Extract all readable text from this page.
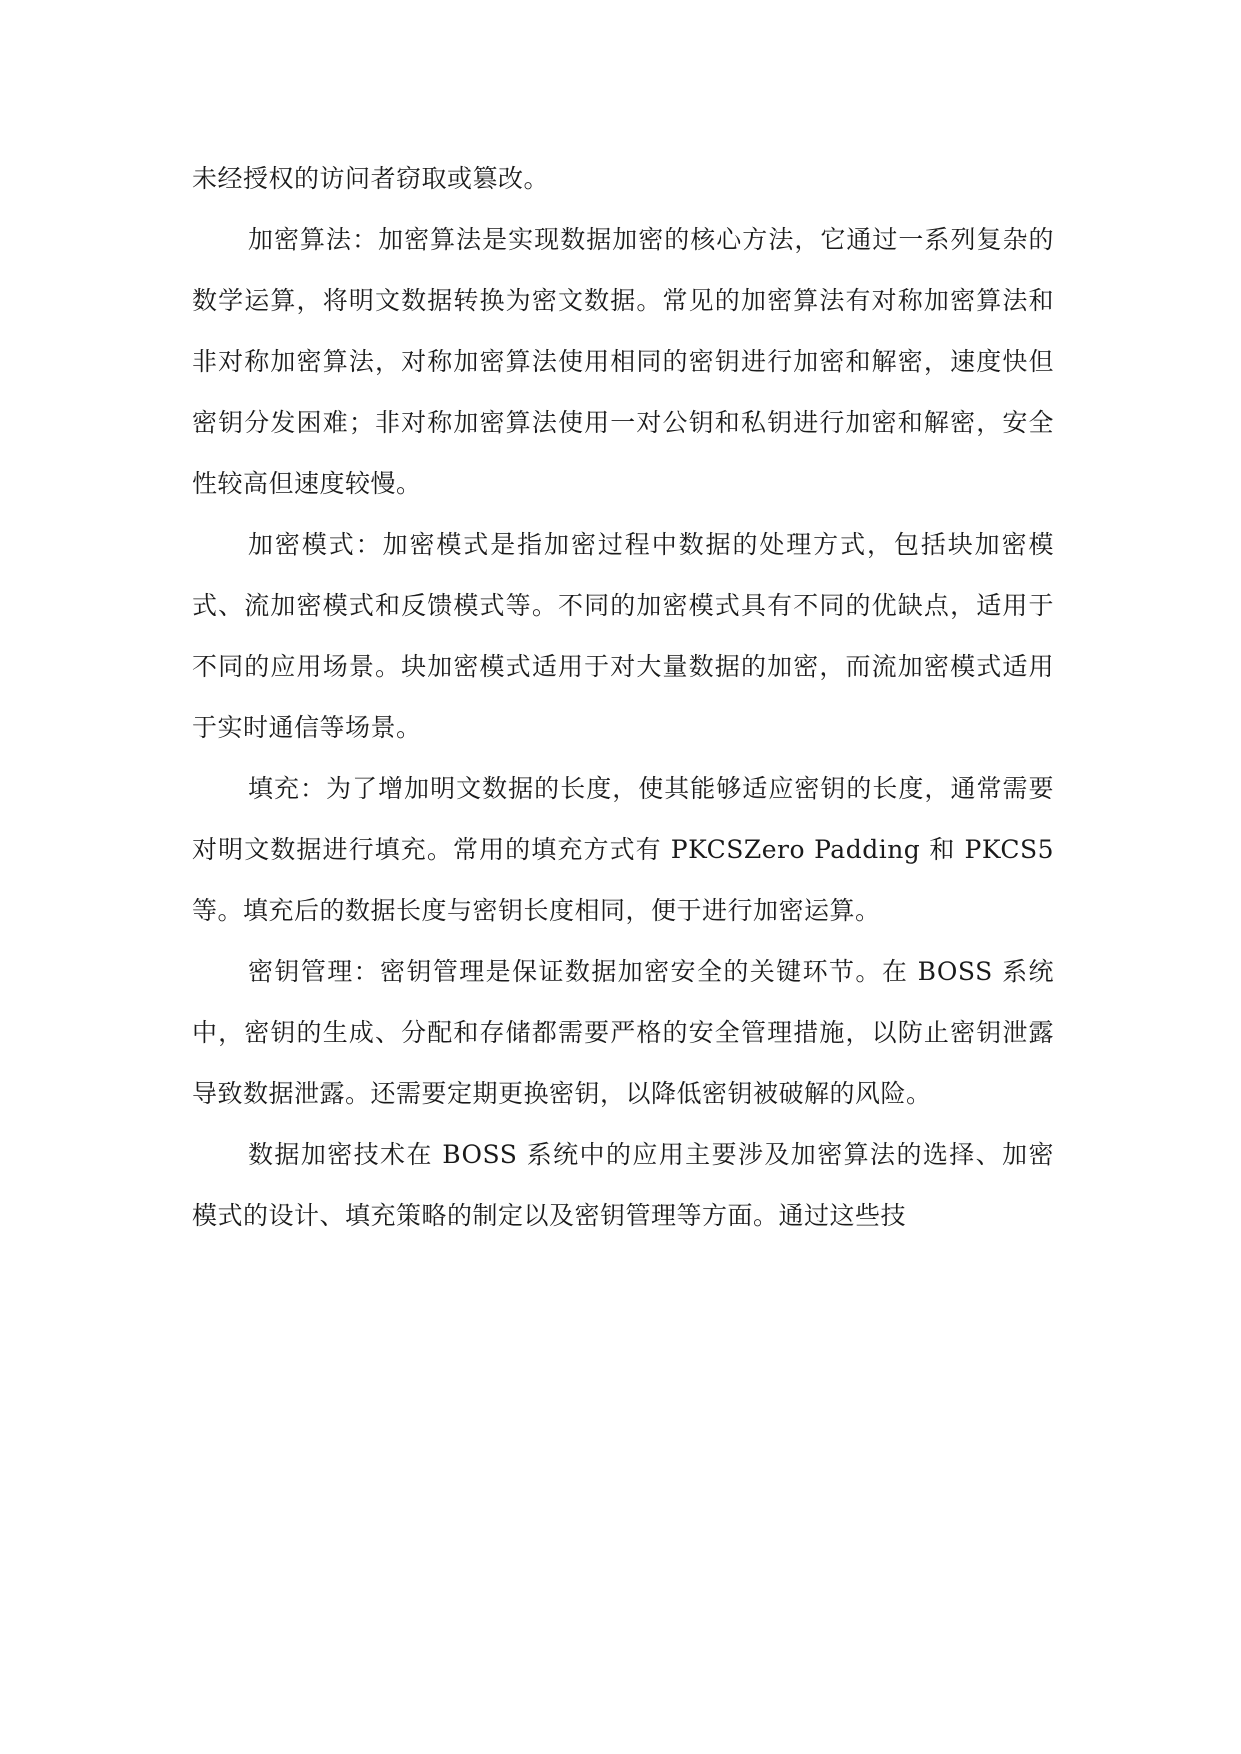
未经授权的访问者窃取或篡改。

加密算法：加密算法是实现数据加密的核心方法，它通过一系列复杂的数学运算，将明文数据转换为密文数据。常见的加密算法有对称加密算法和非对称加密算法，对称加密算法使用相同的密钥进行加密和解密，速度快但密钥分发困难；非对称加密算法使用一对公钥和私钥进行加密和解密，安全性较高但速度较慢。

加密模式：加密模式是指加密过程中数据的处理方式，包括块加密模式、流加密模式和反馈模式等。不同的加密模式具有不同的优缺点，适用于不同的应用场景。块加密模式适用于对大量数据的加密，而流加密模式适用于实时通信等场景。

填充：为了增加明文数据的长度，使其能够适应密钥的长度，通常需要对明文数据进行填充。常用的填充方式有 PKCSZero Padding 和 PKCS5 等。填充后的数据长度与密钥长度相同，便于进行加密运算。

密钥管理：密钥管理是保证数据加密安全的关键环节。在 BOSS 系统中，密钥的生成、分配和存储都需要严格的安全管理措施，以防止密钥泄露导致数据泄露。还需要定期更换密钥，以降低密钥被破解的风险。

数据加密技术在 BOSS 系统中的应用主要涉及加密算法的选择、加密模式的设计、填充策略的制定以及密钥管理等方面。通过这些技
